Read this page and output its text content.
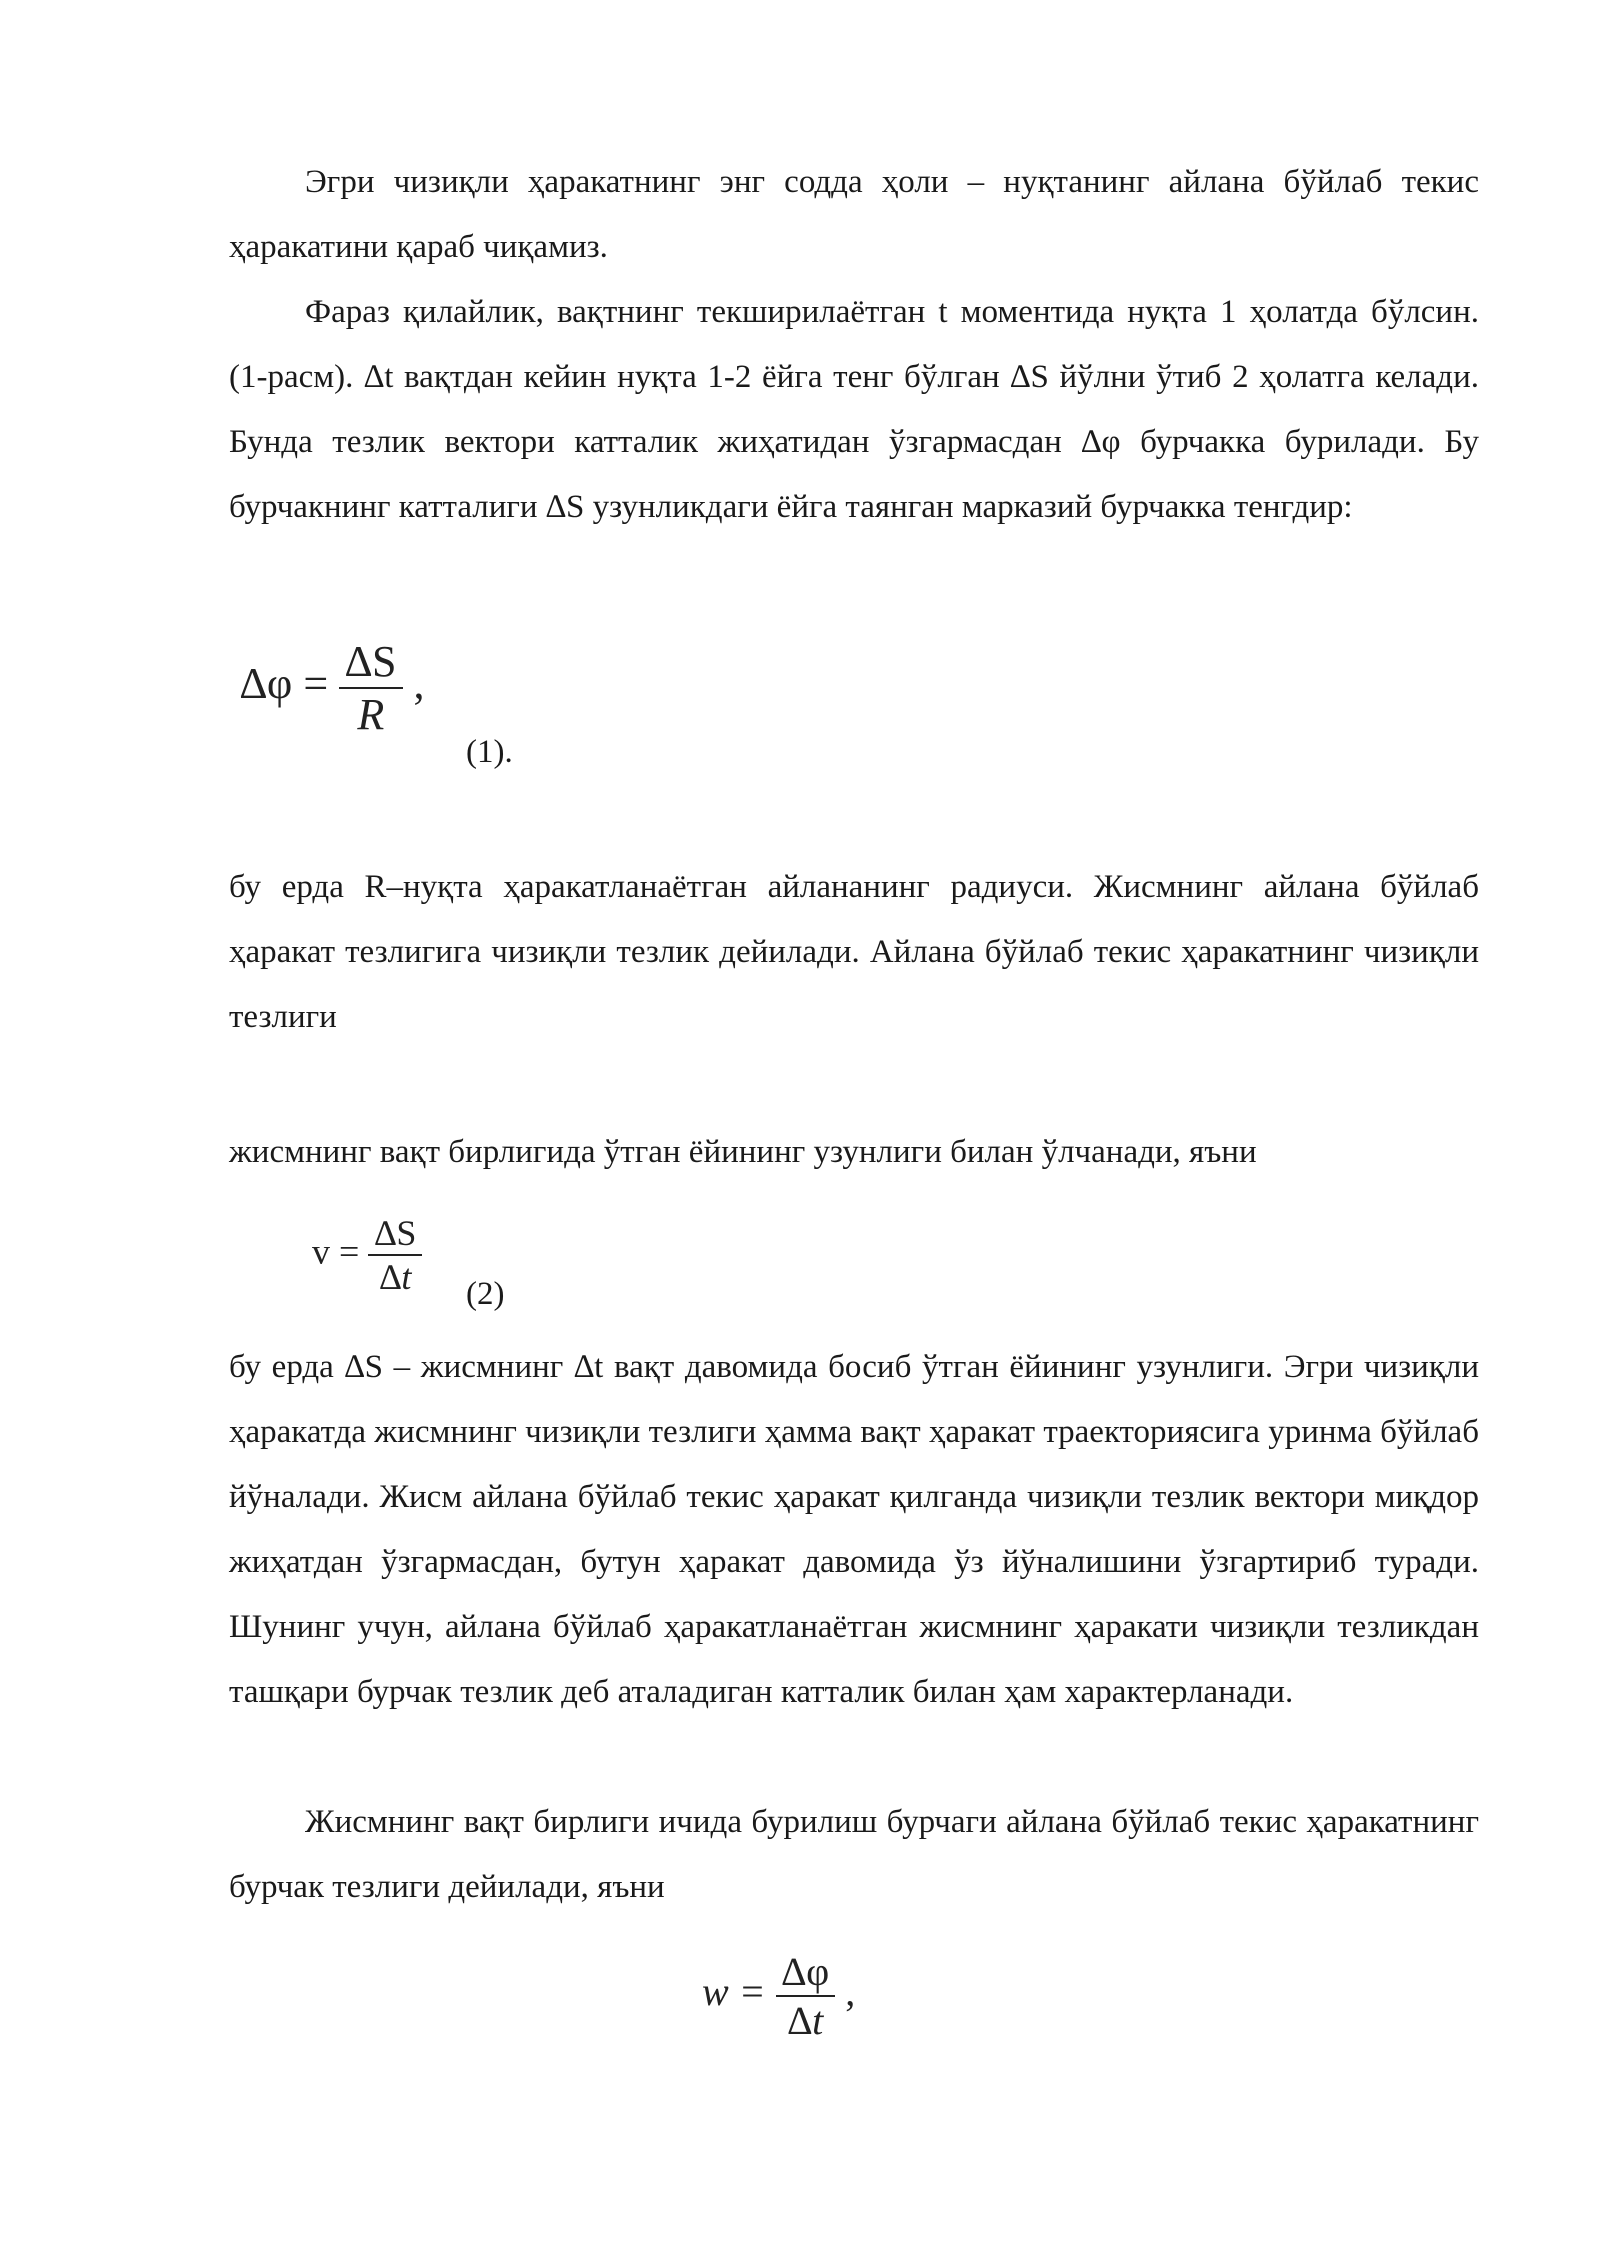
Эгри чизиқли ҳаракатнинг энг содда ҳоли – нуқтанинг айлана бўйлаб текис ҳаракатини қараб чиқамиз.

Фараз қилайлик, вақтнинг текширилаётган t моментида нуқта 1 ҳолатда бўлсин. (1-расм). ∆t вақтдан кейин нуқта 1-2 ёйга тенг бўлган ∆S йўлни ўтиб 2 ҳолатга келади. Бунда тезлик вектори катталик жиҳатидан ўзгармасдан ∆φ бурчакка бурилади. Бу бурчакнинг катталиги ∆S узунликдаги ёйга таянган марказий бурчакка тенгдир:

$\Delta\varphi = \frac{\Delta S}{R}$ ,
(1).

бу ерда R–нуқта ҳаракатланаётган айлананинг радиуси. Жисмнинг айлана бўйлаб ҳаракат тезлигига чизиқли тезлик дейилади. Айлана бўйлаб текис ҳаракатнинг чизиқли тезлиги

жисмнинг вақт бирлигида ўтган ёйининг узунлиги билан ўлчанади, яъни

$v = \frac{\Delta S}{\Delta t} (2)$

бу ерда ∆S – жисмнинг ∆t вақт давомида босиб ўтган ёйининг узунлиги. Эгри чизиқли ҳаракатда жисмнинг чизиқли тезлиги ҳамма вақт ҳаракат траекториясига уринма бўйлаб йўналади. Жисм айлана бўйлаб текис ҳаракат қилганда чизиқли тезлик вектори миқдор жиҳатдан ўзгармасдан, бутун ҳаракат давомида ўз йўналишини ўзгартириб туради. Шунинг учун, айлана бўйлаб ҳаракатланаётган жисмнинг ҳаракати чизиқли тезликдан ташқари бурчак тезлик деб аталадиган катталик билан ҳам характерланади.

Жисмнинг вақт бирлиги ичида бурилиш бурчаги айлана бўйлаб текис ҳаракатнинг бурчак тезлиги дейилади, яъни

$w = \frac{\Delta\varphi}{\Delta t}$ ,
